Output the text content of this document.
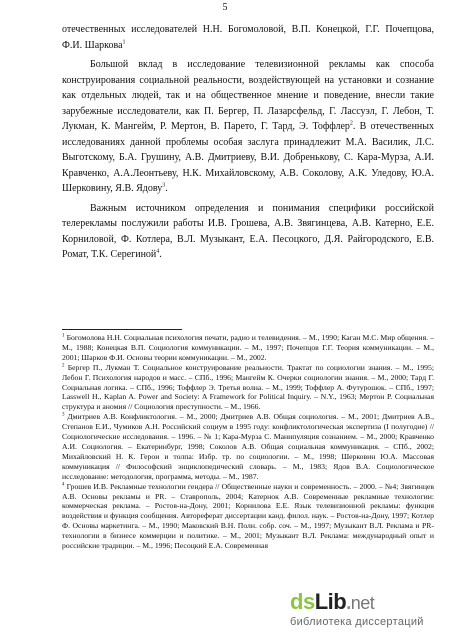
5

отечественных исследователей Н.Н. Богомоловой, В.П. Конецкой, Г.Г. Почепцова, Ф.И. Шаркова$^1$

Большой вклад в исследование телевизионной рекламы как способа конструирования социальной реальности, воздействующей на установки и сознание как отдельных людей, так и на общественное мнение и поведение, внесли такие зарубежные исследователи, как П. Бергер, П. Лазарсфельд, Г. Лассуэл, Г. Лебон, Т. Лукман, К. Мангейм, Р. Мертон, В. Парето, Г. Тард, Э. Тоффлер$^2$. В отечественных исследованиях данной проблемы особая заслуга принадлежит М.А. Василик, Л.С. Выготскому, Б.А. Грушину, А.В. Дмитриеву, В.И. Добренькову, С. Кара-Мурза, А.И. Кравченко, А.А.Леонтьеву, Н.К. Михайловскому, А.В. Соколову, А.К. Уледову, Ю.А. Шерковину, Я.В. Ядову$^3$.

Важным источником определения и понимания специфики российской телерекламы послужили работы И.В. Грошева, А.В. Звягинцева, А.В. Катерно, Е.Е. Корниловой, Ф. Котлера, В.Л. Музыкант, Е.А. Песоцкого, Д.Я. Райгородского, Е.В. Ромат, Т.К. Серегиной$^4$.

$^1$ Богомолова Н.Н. Социальная психология печати, радио и телевидения. – М., 1990; Каган М.С. Мир общения. – М., 1988; Конецкая В.П. Социология коммуникации. – М., 1997; Почепцов Г.Г. Теория коммуникации. – М., 2001; Шарков Ф.И. Основы теории коммуникации. – М., 2002.

$^2$ Бергер П., Лукман Т. Социальное конструирование реальности. Трактат по социологии знания. – М., 1995; Лебон Г. Психология народов и масс. – СПб., 1996; Мангейм К. Очерки социологии знания. – М., 2000; Тард Г. Социальная логика. – СПб., 1996; Тоффлер Э. Третья волна. – М., 1999; Тоффлер А. Футурошок. – СПб., 1997; Lasswell H., Kaplan A. Power and Society: A Framework for Political Inquiry. – N.Y., 1963; Мертон Р. Социальная структура и аномия // Социология преступности. – М., 1966.

$^3$ Дмитриев А.В. Конфликтология. – М., 2000; Дмитриев А.В. Общая социология. – М., 2001; Дмитриев А.В., Степанов Е.И., Чумиков А.Н. Российский социум в 1995 году: конфликтологическая экспертиза (I полугодие) // Социологические исследования. – 1996. – № 1; Кара-Мурза С. Манипуляция сознанием. – М., 2000; Кравченко А.И. Социология. – Екатеринбург, 1998; Соколов А.В. Общая социальная коммуникация. – СПб., 2002; Михайловский Н. К. Герои и толпа: Избр. тр. по социологии. – М., 1998; Шерковин Ю.А. Массовая коммуникация // Философский энциклопедический словарь. – М., 1983; Ядов В.А. Социологическое исследование: методология, программа, методы. – М., 1987.

$^4$ Грошев И.В. Рекламные технологии гендера // Общественные науки и современность. – 2000. – №4; Звягинцев А.В. Основы рекламы и PR. – Ставрополь, 2004; Катернок А.В. Современные рекламные технологии: коммерческая реклама. – Ростов-на-Дону, 2001; Корнилова Е.Е. Язык телевизионной рекламы: функция воздействия и функция сообщения. Автореферат диссертации канд. филол. наук. – Ростов-на-Дону, 1997; Котлер Ф. Основы маркетинга. – М., 1990; Маковский В.Н. Полн. собр. соч. – М., 1997; Музыкант В.Л. Реклама и PR-технологии в бизнесе коммерции и политике. – М., 2001; Музыкант В.Л. Реклама: международный опыт и российские традиции. – М., 1996; Песоцкий Е.А. Современная

dsLib.net
библиотека диссертаций
